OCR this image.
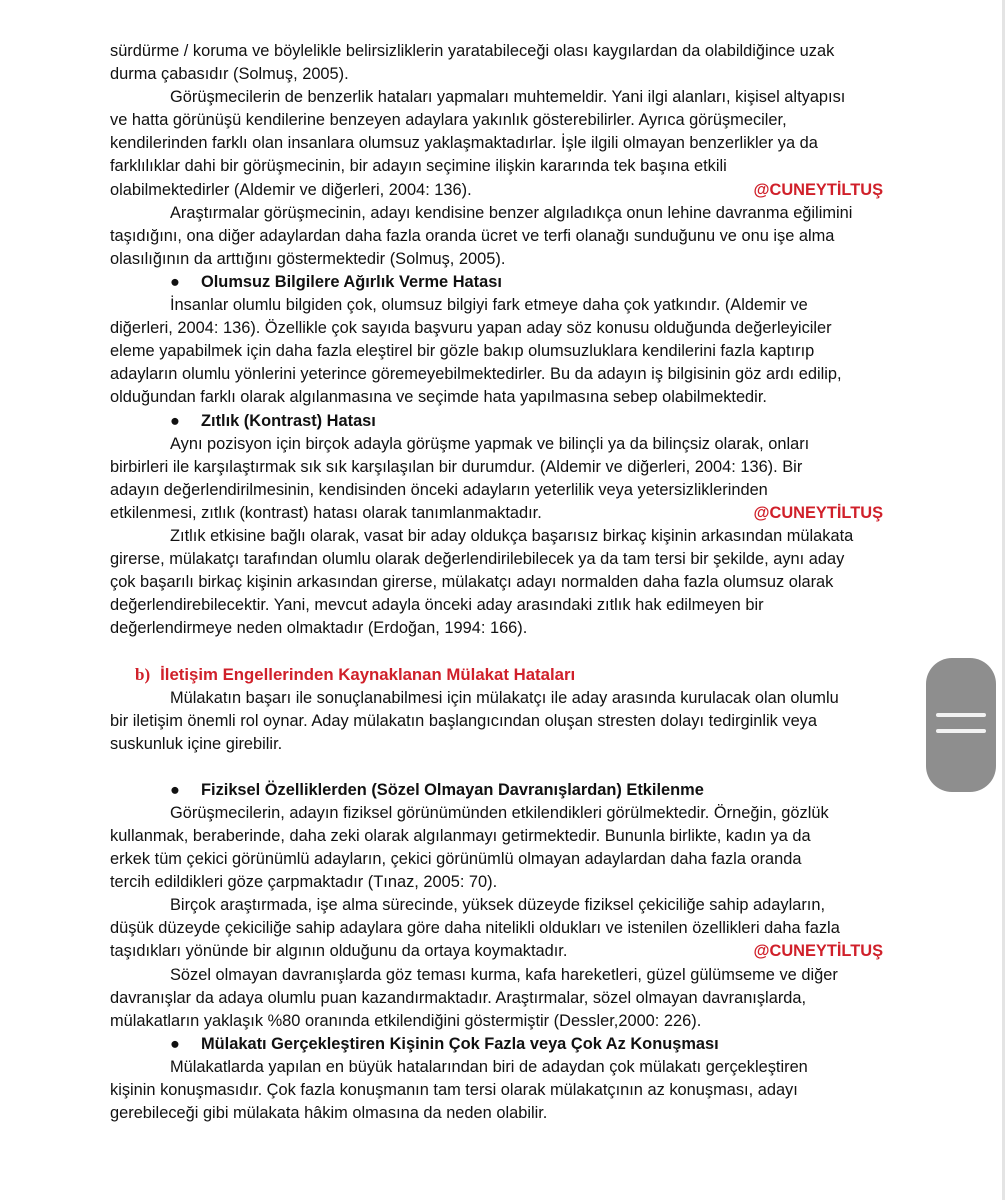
sürdürme / koruma ve böylelikle belirsizliklerin yaratabileceği olası kaygılardan da olabildiğince uzak

durma çabasıdır (Solmuş, 2005).

Görüşmecilerin de benzerlik hataları yapmaları muhtemeldir. Yani ilgi alanları, kişisel altyapısı

ve hatta görünüşü kendilerine benzeyen adaylara yakınlık gösterebilirler. Ayrıca görüşmeciler,

kendilerinden farklı olan insanlara olumsuz yaklaşmaktadırlar. İşle ilgili olmayan benzerlikler ya da

farklılıklar dahi bir görüşmecinin, bir adayın seçimine ilişkin kararında tek başına etkili

olabilmektedirler (Aldemir ve diğerleri, 2004: 136).	@CUNEYTİLTUŞ

Araştırmalar görüşmecinin, adayı kendisine benzer algıladıkça onun lehine davranma eğilimini

taşıdığını, ona diğer adaylardan daha fazla oranda ücret ve terfi olanağı sunduğunu ve onu işe alma

olasılığının da arttığını göstermektedir (Solmuş, 2005).

● Olumsuz Bilgilere Ağırlık Verme Hatası

İnsanlar olumlu bilgiden çok, olumsuz bilgiyi fark etmeye daha çok yatkındır. (Aldemir ve

diğerleri, 2004: 136). Özellikle çok sayıda başvuru yapan aday söz konusu olduğunda değerleyiciler

eleme yapabilmek için daha fazla eleştirel bir gözle bakıp olumsuzluklara kendilerini fazla kaptırıp

adayların olumlu yönlerini yeterince göremeyebilmektedirler. Bu da adayın iş bilgisinin göz ardı edilip,

olduğundan farklı olarak algılanmasına ve seçimde hata yapılmasına sebep olabilmektedir.

● Zıtlık (Kontrast) Hatası

Aynı pozisyon için birçok adayla görüşme yapmak ve bilinçli ya da bilinçsiz olarak, onları

birbirleri ile karşılaştırmak sık sık karşılaşılan bir durumdur. (Aldemir ve diğerleri, 2004: 136). Bir

adayın değerlendirilmesinin, kendisinden önceki adayların yeterlilik veya yetersizliklerinden

etkilenmesi, zıtlık (kontrast) hatası olarak tanımlanmaktadır.	@CUNEYTİLTUŞ

Zıtlık etkisine bağlı olarak, vasat bir aday oldukça başarısız birkaç kişinin arkasından mülakata

girerse, mülakatçı tarafından olumlu olarak değerlendirilebilecek ya da tam tersi bir şekilde, aynı aday

çok başarılı birkaç kişinin arkasından girerse, mülakatçı adayı normalden daha fazla olumsuz olarak

değerlendirebilecektir. Yani, mevcut adayla önceki aday arasındaki zıtlık hak edilmeyen bir

değerlendirmeye neden olmaktadır (Erdoğan, 1994: 166).

b) İletişim Engellerinden Kaynaklanan Mülakat Hataları

Mülakatın başarı ile sonuçlanabilmesi için mülakatçı ile aday arasında kurulacak olan olumlu

bir iletişim önemli rol oynar. Aday mülakatın başlangıcından oluşan stresten dolayı tedirginlik veya

suskunluk içine girebilir.

● Fiziksel Özelliklerden (Sözel Olmayan Davranışlardan) Etkilenme

Görüşmecilerin, adayın fiziksel görünümünden etkilendikleri görülmektedir. Örneğin, gözlük

kullanmak, beraberinde, daha zeki olarak algılanmayı getirmektedir. Bununla birlikte, kadın ya da

erkek tüm çekici görünümlü adayların, çekici görünümlü olmayan adaylardan daha fazla oranda

tercih edildikleri göze çarpmaktadır (Tınaz, 2005: 70).

Birçok araştırmada, işe alma sürecinde, yüksek düzeyde fiziksel çekiciliğe sahip adayların,

düşük düzeyde çekiciliğe sahip adaylara göre daha nitelikli oldukları ve istenilen özellikleri daha fazla

taşıdıkları yönünde bir algının olduğunu da ortaya koymaktadır.	@CUNEYTİLTUŞ

Sözel olmayan davranışlarda göz teması kurma, kafa hareketleri, güzel gülümseme ve diğer

davranışlar da adaya olumlu puan kazandırmaktadır. Araştırmalar, sözel olmayan davranışlarda,

mülakatların yaklaşık %80 oranında etkilendiğini göstermiştir (Dessler,2000: 226).

● Mülakatı Gerçekleştiren Kişinin Çok Fazla veya Çok Az Konuşması

Mülakatlarda yapılan en büyük hatalarından biri de adaydan çok mülakatı gerçekleştiren

kişinin konuşmasıdır. Çok fazla konuşmanın tam tersi olarak mülakatçının az konuşması, adayı

gerebileceği gibi mülakata hâkim olmasına da neden olabilir.
